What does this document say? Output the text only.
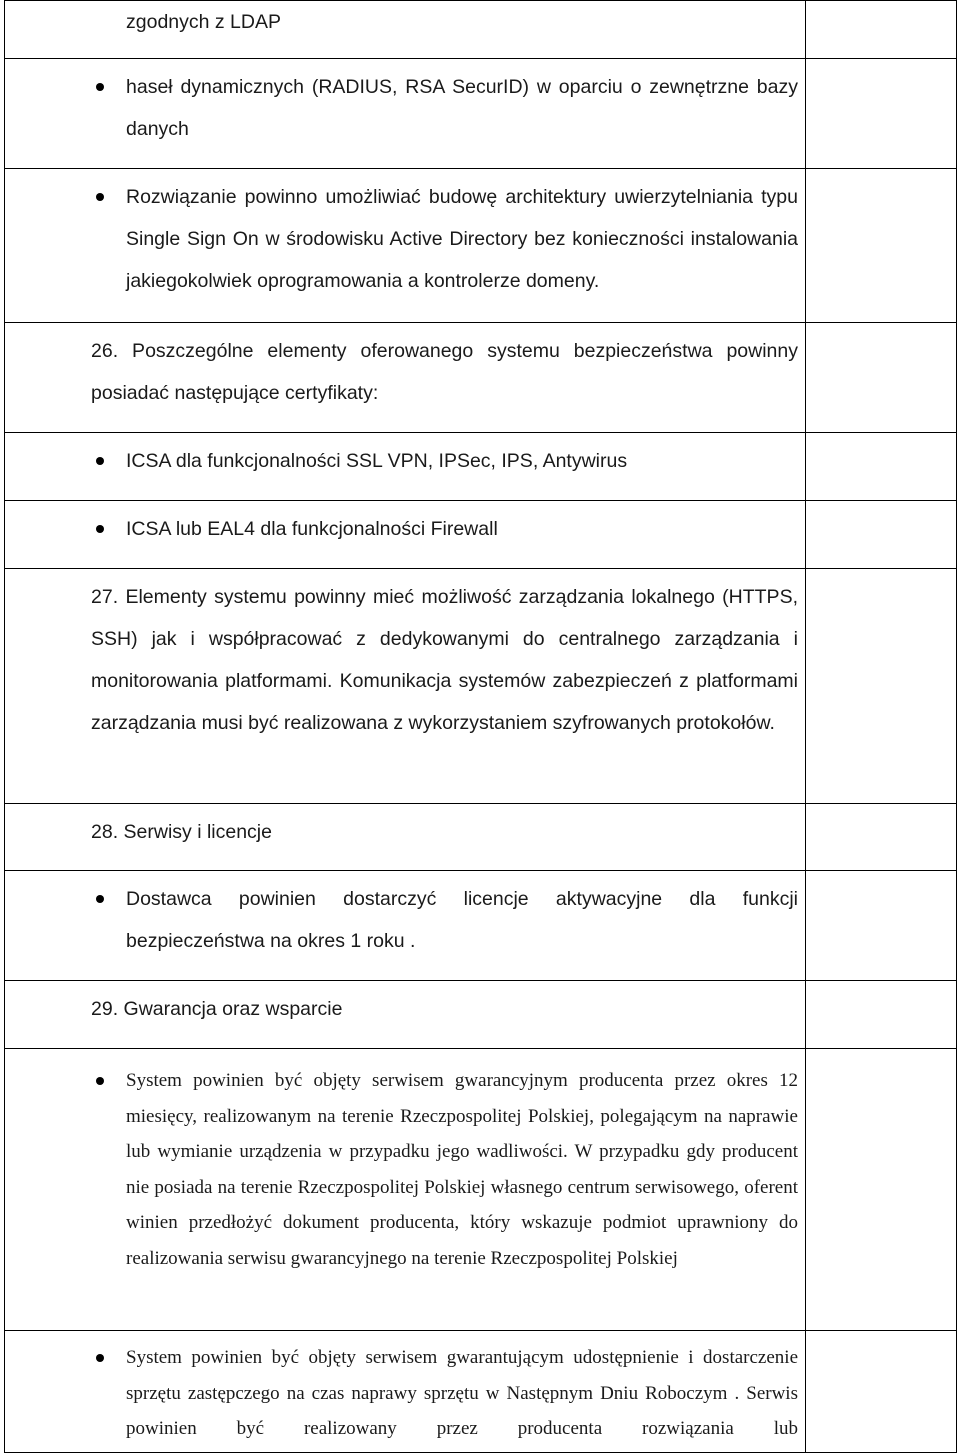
zgodnych z LDAP	

haseł dynamicznych (RADIUS, RSA SecurID) w oparciu o zewnętrzne bazy danych	

Rozwiązanie powinno umożliwiać budowę architektury uwierzytelniania typu Single Sign On w środowisku Active Directory bez konieczności instalowania jakiegokolwiek oprogramowania a kontrolerze domeny.	

26. Poszczególne elementy oferowanego systemu bezpieczeństwa powinny posiadać następujące certyfikaty:	

ICSA dla funkcjonalności SSL VPN, IPSec, IPS, Antywirus	

ICSA lub EAL4 dla funkcjonalności Firewall	

27. Elementy systemu powinny mieć możliwość zarządzania lokalnego (HTTPS, SSH) jak i współpracować z dedykowanymi do centralnego zarządzania i monitorowania platformami. Komunikacja systemów zabezpieczeń z platformami zarządzania musi być realizowana z wykorzystaniem szyfrowanych protokołów.	

28. Serwisy i licencje	

Dostawca powinien dostarczyć licencje aktywacyjne dla funkcji bezpieczeństwa na okres 1 roku .	

29. Gwarancja oraz wsparcie	

System powinien być objęty serwisem gwarancyjnym producenta przez okres 12 miesięcy, realizowanym na terenie Rzeczpospolitej Polskiej, polegającym na naprawie lub wymianie urządzenia w przypadku jego wadliwości. W przypadku gdy producent nie posiada na terenie Rzeczpospolitej Polskiej własnego centrum serwisowego, oferent winien przedłożyć dokument producenta, który wskazuje podmiot uprawniony do realizowania serwisu gwarancyjnego na terenie Rzeczpospolitej Polskiej	

System powinien być objęty serwisem gwarantującym udostępnienie i dostarczenie sprzętu zastępczego na czas naprawy sprzętu w Następnym Dniu Roboczym . Serwis powinien być realizowany przez producenta rozwiązania lub	
